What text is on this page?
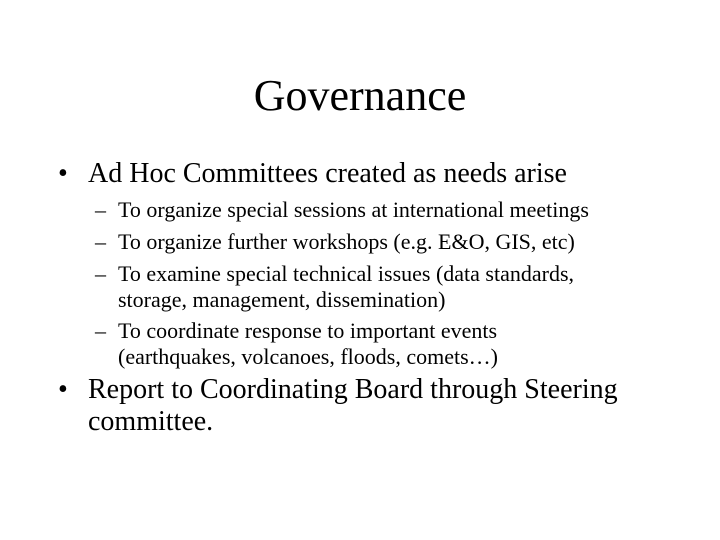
Governance
• Ad Hoc Committees created as needs arise
– To organize special sessions at international meetings
– To organize further workshops (e.g. E&O, GIS, etc)
– To examine special technical issues (data standards,
storage, management, dissemination)
– To coordinate response to important events
(earthquakes, volcanoes, floods, comets…)
• Report to Coordinating Board through Steering
committee.
